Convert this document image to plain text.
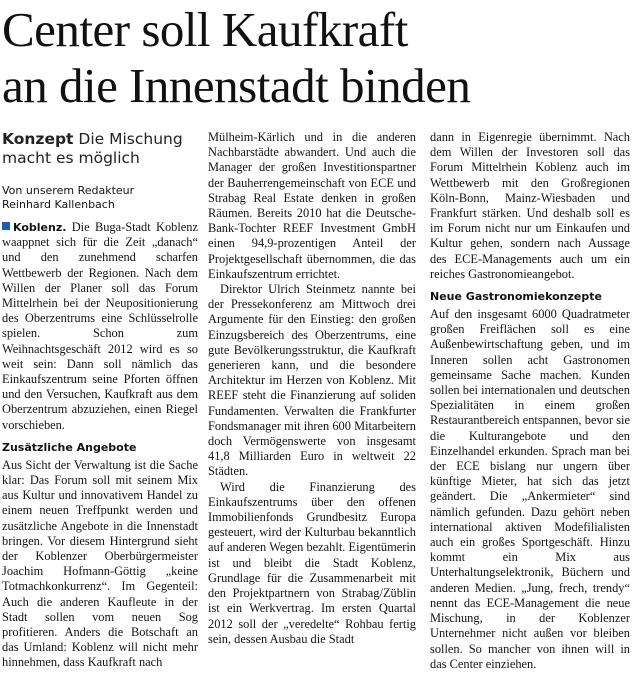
Center soll Kaufkraft
an die Innenstadt binden
Konzept Die Mischung
macht es möglich
Von unserem Redakteur
Reinhard Kallenbach

Koblenz. Die Buga-Stadt Koblenz waappnet sich für die Zeit „danach“ und den zunehmend scharfen Wettbewerb der Regionen. Nach dem Willen der Planer soll das Forum Mittelrhein bei der Neupositionierung des Oberzentrums eine Schlüsselrolle spielen. Schon zum Weihnachtsgeschäft 2012 wird es so weit sein: Dann soll nämlich das Einkaufszentrum seine Pforten öffnen und den Versuchen, Kaufkraft aus dem Oberzentrum abzuziehen, einen Riegel vorschieben.

Zusätzliche Angebote

Aus Sicht der Verwaltung ist die Sache klar: Das Forum soll mit seinem Mix aus Kultur und innovativem Handel zu einem neuen Treffpunkt werden und zusätzliche Angebote in die Innenstadt bringen. Vor diesem Hintergrund sieht der Koblenzer Oberbürgermeister Joachim Hofmann-Göttig „keine Totmachkonkurrenz“. Im Gegenteil: Auch die anderen Kaufleute in der Stadt sollen vom neuen Sog profitieren. Anders die Botschaft an das Umland: Koblenz will nicht mehr hinnehmen, dass Kaufkraft nach

Mülheim-Kärlich und in die anderen Nachbarstädte abwandert. Und auch die Manager der großen Investitionspartner der Bauherrengemeinschaft von ECE und Strabag Real Estate denken in großen Räumen. Bereits 2010 hat die Deutsche-Bank-Tochter REEF Investment GmbH einen 94,9-prozentigen Anteil der Projektgesellschaft übernommen, die das Einkaufszentrum errichtet.

Direktor Ulrich Steinmetz nannte bei der Pressekonferenz am Mittwoch drei Argumente für den Einstieg: den großen Einzugsbereich des Oberzentrums, eine gute Bevölkerungsstruktur, die Kaufkraft generieren kann, und die besondere Architektur im Herzen von Koblenz. Mit REEF steht die Finanzierung auf soliden Fundamenten. Verwalten die Frankfurter Fondsmanager mit ihren 600 Mitarbeitern doch Vermögenswerte von insgesamt 41,8 Milliarden Euro in weltweit 22 Städten.

Wird die Finanzierung des Einkaufszentrums über den offenen Immobilienfonds Grundbesitz Europa gesteuert, wird der Kulturbau bekanntlich auf anderen Wegen bezahlt. Eigentümerin ist und bleibt die Stadt Koblenz, Grundlage für die Zusammenarbeit mit den Projektpartnern von Strabag/Züblin ist ein Werkvertrag. Im ersten Quartal 2012 soll der „veredelte“ Rohbau fertig sein, dessen Ausbau die Stadt

dann in Eigenregie übernimmt. Nach dem Willen der Investoren soll das Forum Mittelrhein Koblenz auch im Wettbewerb mit den Großregionen Köln-Bonn, Mainz-Wiesbaden und Frankfurt stärken. Und deshalb soll es im Forum nicht nur um Einkaufen und Kultur gehen, sondern nach Aussage des ECE-Managements auch um ein reiches Gastronomieangebot.

Neue Gastronomiekonzepte

Auf den insgesamt 6000 Quadratmeter großen Freiflächen soll es eine Außenbewirtschaftung geben, und im Inneren sollen acht Gastronomen gemeinsame Sache machen. Kunden sollen bei internationalen und deutschen Spezialitäten in einem großen Restaurantbereich entspannen, bevor sie die Kulturangebote und den Einzelhandel erkunden. Sprach man bei der ECE bislang nur ungern über künftige Mieter, hat sich das jetzt geändert. Die „Ankermieter“ sind nämlich gefunden. Dazu gehört neben international aktiven Modefilialisten auch ein großes Sportgeschäft. Hinzu kommt ein Mix aus Unterhaltungselektronik, Büchern und anderen Medien. „Jung, frech, trendy“ nennt das ECE-Management die neue Mischung, in der Koblenzer Unternehmer nicht außen vor bleiben sollen. So mancher von ihnen will in das Center einziehen.
